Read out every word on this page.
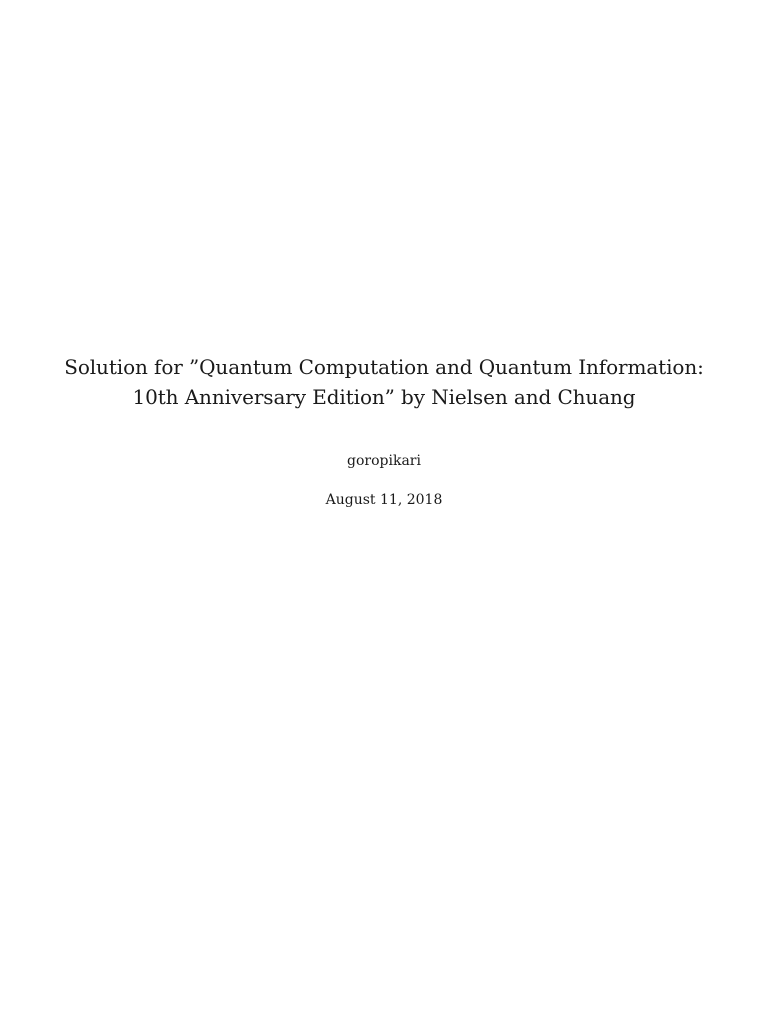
Solution for ”Quantum Computation and Quantum Information:
10th Anniversary Edition” by Nielsen and Chuang
goropikari
August 11, 2018
